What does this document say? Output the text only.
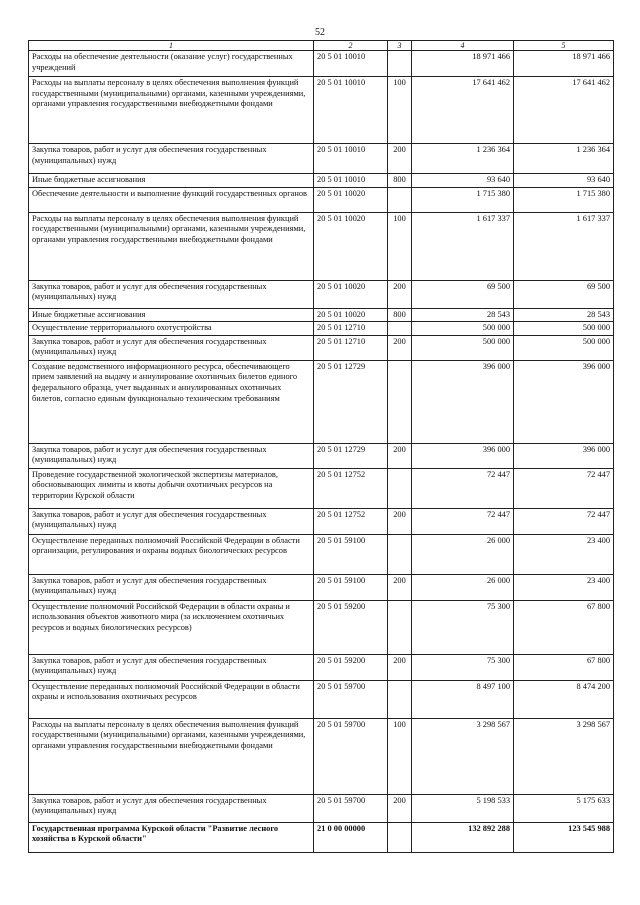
52
1	2	3	4	5
Расходы на обеспечение деятельности (оказание услуг) государственных учреждений	20 5 01 10010		18 971 466	18 971 466
Расходы на выплаты персоналу в целях обеспечения выполнения функций государственными (муниципальными) органами, казенными учреждениями, органами управления государственными внебюджетными фондами	20 5 01 10010	100	17 641 462	17 641 462
Закупка товаров, работ и услуг для обеспечения государственных (муниципальных) нужд	20 5 01 10010	200	1 236 364	1 236 364
Иные бюджетные ассигнования	20 5 01 10010	800	93 640	93 640
Обеспечение деятельности и выполнение функций государственных органов	20 5 01 10020		1 715 380	1 715 380
Расходы на выплаты персоналу в целях обеспечения выполнения функций государственными (муниципальными) органами, казенными учреждениями, органами управления государственными внебюджетными фондами	20 5 01 10020	100	1 617 337	1 617 337
Закупка товаров, работ и услуг для обеспечения государственных (муниципальных) нужд	20 5 01 10020	200	69 500	69 500
Иные бюджетные ассигнования	20 5 01 10020	800	28 543	28 543
Осуществление территориального охотустройства	20 5 01 12710		500 000	500 000
Закупка товаров, работ и услуг для обеспечения государственных (муниципальных) нужд	20 5 01 12710	200	500 000	500 000
Создание ведомственного информационного ресурса, обеспечивающего прием заявлений на выдачу и аннулирование охотничьих билетов единого федерального образца, учет выданных и аннулированных охотничьих билетов, согласно единым функционально техническим требованиям	20 5 01 12729		396 000	396 000
Закупка товаров, работ и услуг для обеспечения государственных (муниципальных) нужд	20 5 01 12729	200	396 000	396 000
Проведение государственной экологической экспертизы материалов, обосновывающих лимиты и квоты добычи охотничьих ресурсов на территории Курской области	20 5 01 12752		72 447	72 447
Закупка товаров, работ и услуг для обеспечения государственных (муниципальных) нужд	20 5 01 12752	200	72 447	72 447
Осуществление переданных полномочий Российской Федерации в области организации, регулирования и охраны водных биологических ресурсов	20 5 01 59100		26 000	23 400
Закупка товаров, работ и услуг для обеспечения государственных (муниципальных) нужд	20 5 01 59100	200	26 000	23 400
Осуществление полномочий Российской Федерации в области охраны и использования объектов животного мира (за исключением охотничьих ресурсов и водных биологических ресурсов)	20 5 01 59200		75 300	67 800
Закупка товаров, работ и услуг для обеспечения государственных (муниципальных) нужд	20 5 01 59200	200	75 300	67 800
Осуществление переданных полномочий Российской Федерации в области охраны и использования охотничьих ресурсов	20 5 01 59700		8 497 100	8 474 200
Расходы на выплаты персоналу в целях обеспечения выполнения функций государственными (муниципальными) органами, казенными учреждениями, органами управления государственными внебюджетными фондами	20 5 01 59700	100	3 298 567	3 298 567
Закупка товаров, работ и услуг для обеспечения государственных (муниципальных) нужд	20 5 01 59700	200	5 198 533	5 175 633
Государственная программа Курской области "Развитие лесного хозяйства в Курской области"	21 0 00 00000		132 892 288	123 545 988
